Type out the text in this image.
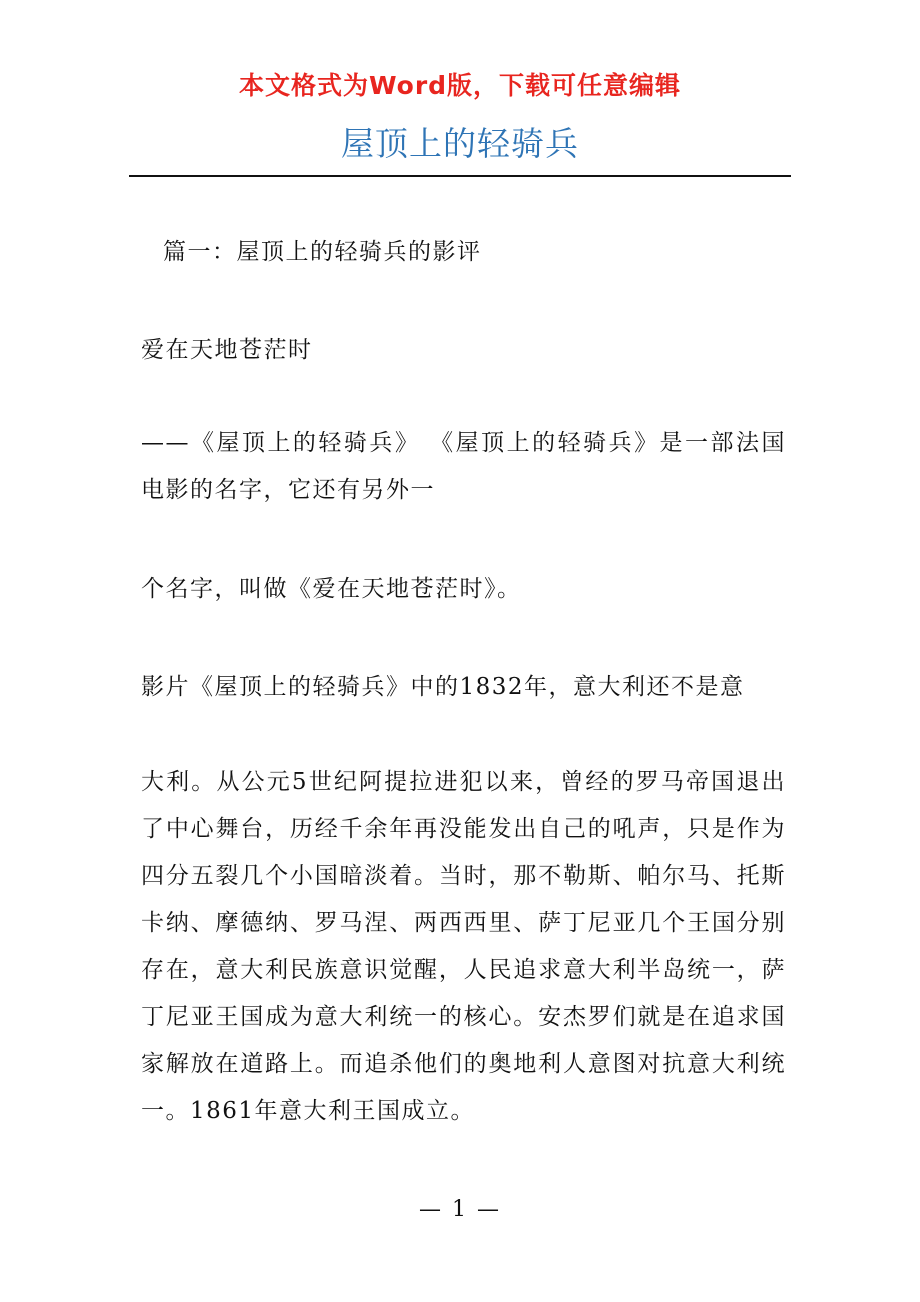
本文格式为Word版，下载可任意编辑
屋顶上的轻骑兵

篇一：屋顶上的轻骑兵的影评

爱在天地苍茫时

——《屋顶上的轻骑兵》 《屋顶上的轻骑兵》是一部法国电影的名字，它还有另外一

个名字，叫做《爱在天地苍茫时》。

影片《屋顶上的轻骑兵》中的1832年，意大利还不是意

大利。从公元5世纪阿提拉进犯以来，曾经的罗马帝国退出了中心舞台，历经千余年再没能发出自己的吼声，只是作为四分五裂几个小国暗淡着。当时，那不勒斯、帕尔马、托斯卡纳、摩德纳、罗马涅、两西西里、萨丁尼亚几个王国分别存在，意大利民族意识觉醒，人民追求意大利半岛统一，萨丁尼亚王国成为意大利统一的核心。安杰罗们就是在追求国家解放在道路上。而追杀他们的奥地利人意图对抗意大利统一。1861年意大利王国成立。

— 1 —
